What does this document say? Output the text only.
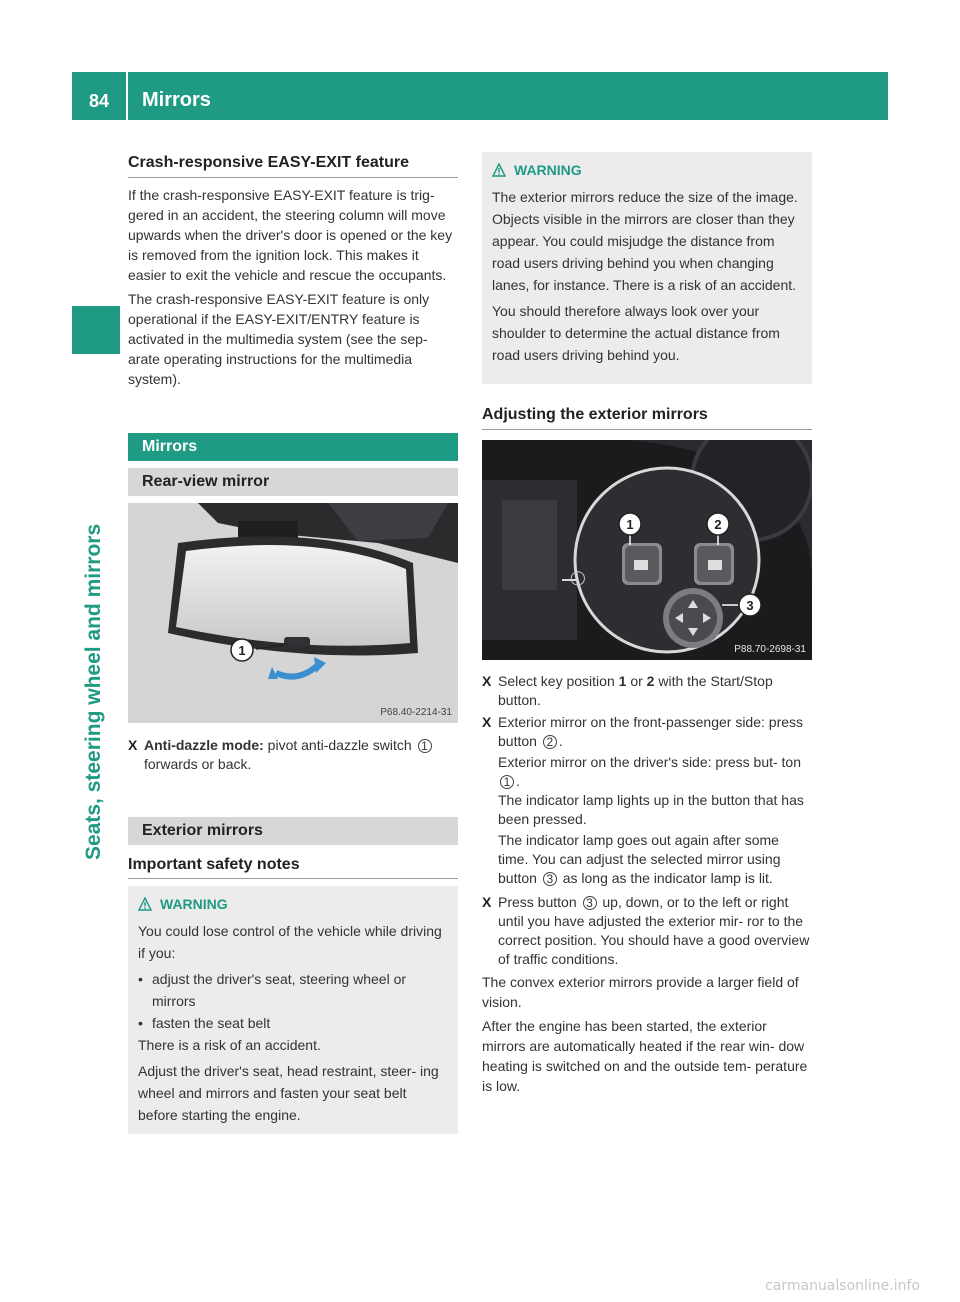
84	Mirrors
Seats, steering wheel and mirrors
Crash-responsive EASY-EXIT feature

If the crash-responsive EASY-EXIT feature is trig- gered in an accident, the steering column will move upwards when the driver's door is opened or the key is removed from the ignition lock. This makes it easier to exit the vehicle and rescue the occupants.

The crash-responsive EASY-EXIT feature is only operational if the EASY-EXIT/ENTRY feature is activated in the multimedia system (see the sep- arate operating instructions for the multimedia system).

Mirrors
Rear-view mirror
1
P68.40-2214-31
X Anti-dazzle mode: pivot anti-dazzle switch 1 forwards or back.
Exterior mirrors
Important safety notes
WARNING

You could lose control of the vehicle while driving if you:

• adjust the driver's seat, steering wheel or mirrors
• fasten the seat belt

There is a risk of an accident.

Adjust the driver's seat, head restraint, steer- ing wheel and mirrors and fasten your seat belt before starting the engine.

WARNING

The exterior mirrors reduce the size of the image. Objects visible in the mirrors are closer than they appear. You could misjudge the distance from road users driving behind you when changing lanes, for instance. There is a risk of an accident.

You should therefore always look over your shoulder to determine the actual distance from road users driving behind you.

Adjusting the exterior mirrors
1	2
3
◯
P88.70-2698-31
X Select key position 1 or 2 with the Start/Stop button.
X Exterior mirror on the front-passenger side: press button 2 .

Exterior mirror on the driver's side: press but- ton 1 .
The indicator lamp lights up in the button that has been pressed.

The indicator lamp goes out again after some time. You can adjust the selected mirror using button 3 as long as the indicator lamp is lit.

X Press button 3 up, down, or to the left or right until you have adjusted the exterior mir- ror to the correct position. You should have a good overview of traffic conditions.

The convex exterior mirrors provide a larger field of vision.

After the engine has been started, the exterior mirrors are automatically heated if the rear win- dow heating is switched on and the outside tem- perature is low.

carmanualsonline.info
